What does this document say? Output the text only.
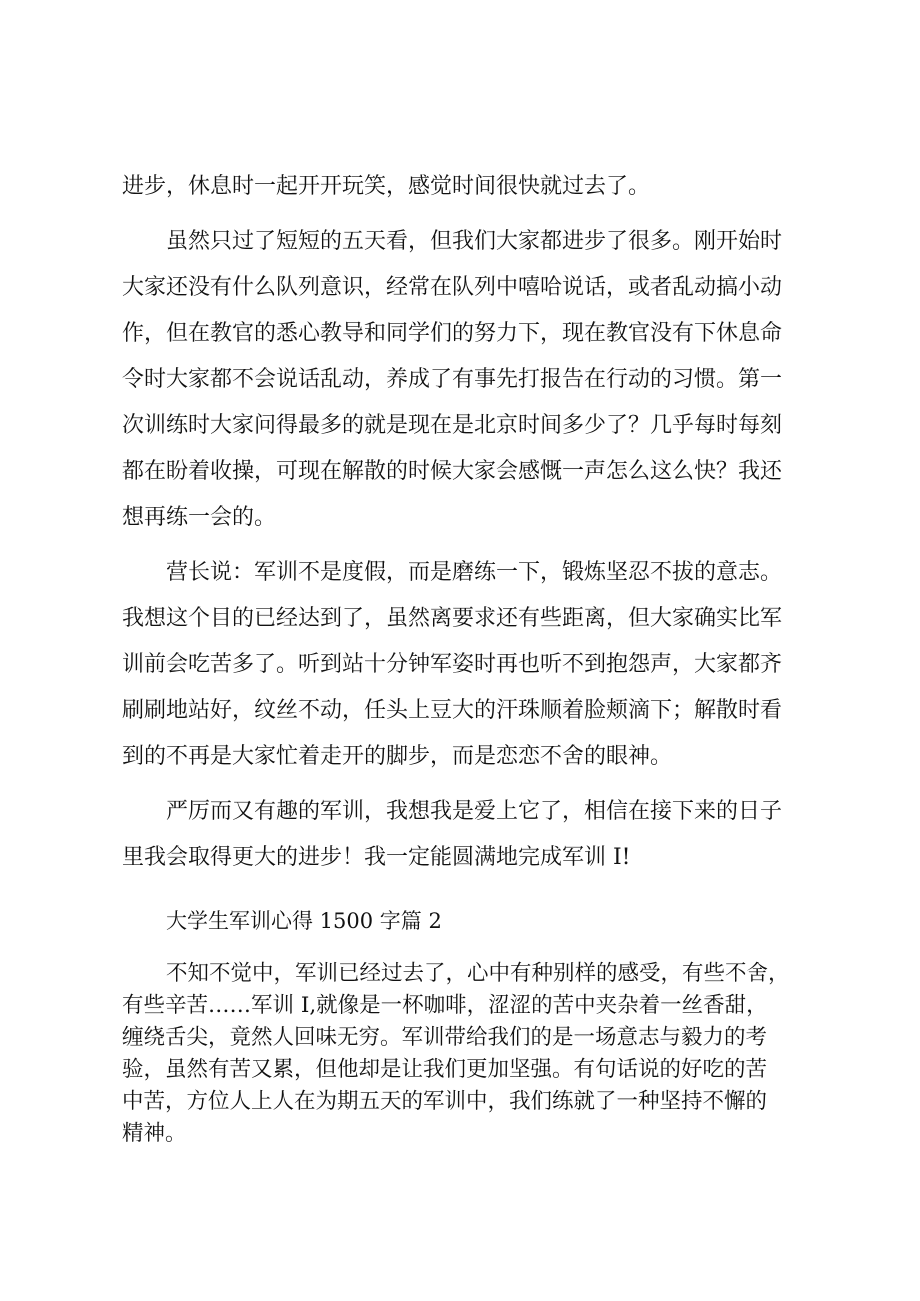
进步，休息时一起开开玩笑，感觉时间很快就过去了。

虽然只过了短短的五天看，但我们大家都进步了很多。刚开始时

大家还没有什么队列意识，经常在队列中嘻哈说话，或者乱动搞小动

作，但在教官的悉心教导和同学们的努力下，现在教官没有下休息命

令时大家都不会说话乱动，养成了有事先打报告在行动的习惯。第一

次训练时大家问得最多的就是现在是北京时间多少了？几乎每时每刻

都在盼着收操，可现在解散的时候大家会感慨一声怎么这么快？我还

想再练一会的。

营长说：军训不是度假，而是磨练一下，锻炼坚忍不拔的意志。

我想这个目的已经达到了，虽然离要求还有些距离，但大家确实比军

训前会吃苦多了。听到站十分钟军姿时再也听不到抱怨声，大家都齐

刷刷地站好，纹丝不动，任头上豆大的汗珠顺着脸颊滴下；解散时看

到的不再是大家忙着走开的脚步，而是恋恋不舍的眼神。

严厉而又有趣的军训，我想我是爱上它了，相信在接下来的日子

里我会取得更大的进步！我一定能圆满地完成军训 I!

大学生军训心得 1500 字篇 2

不知不觉中，军训已经过去了，心中有种别样的感受，有些不舍，

有些辛苦……军训 I,就像是一杯咖啡，涩涩的苦中夹杂着一丝香甜，

缠绕舌尖，竟然人回味无穷。军训带给我们的是一场意志与毅力的考

验，虽然有苦又累，但他却是让我们更加坚强。有句话说的好吃的苦

中苦，方位人上人在为期五天的军训中，我们练就了一种坚持不懈的

精神。
